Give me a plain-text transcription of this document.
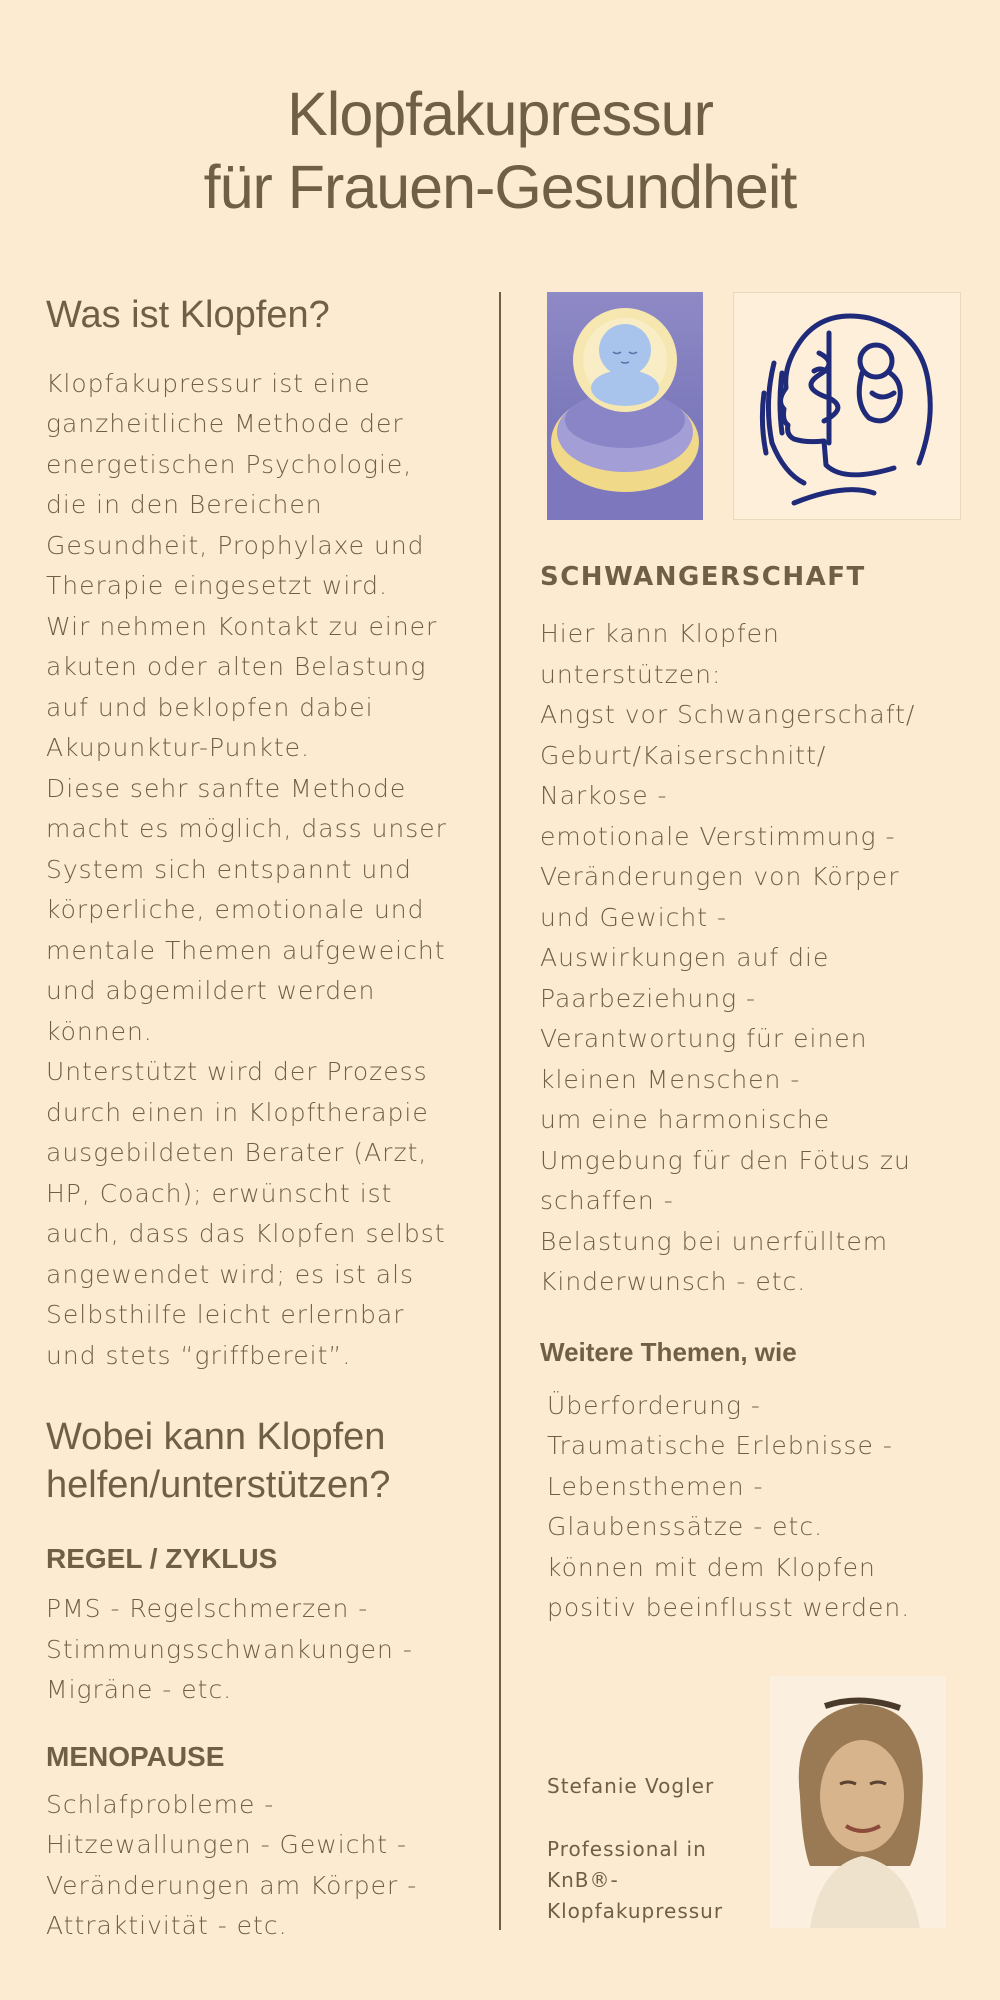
Klopfakupressur
für Frauen-Gesundheit
Was ist Klopfen?

Klopfakupressur ist eine
ganzheitliche Methode der
energetischen Psychologie,
die in den Bereichen
Gesundheit, Prophylaxe und
Therapie eingesetzt wird.
Wir nehmen Kontakt zu einer
akuten oder alten Belastung
auf und beklopfen dabei
Akupunktur-Punkte.
Diese sehr sanfte Methode
macht es möglich, dass unser
System sich entspannt und
körperliche, emotionale und
mentale Themen aufgeweicht
und abgemildert werden
können.
Unterstützt wird der Prozess
durch einen in Klopftherapie
ausgebildeten Berater (Arzt,
HP, Coach); erwünscht ist
auch, dass das Klopfen selbst
angewendet wird; es ist als
Selbsthilfe leicht erlernbar
und stets “griffbereit”.

Wobei kann Klopfen
helfen/unterstützen?
REGEL / ZYKLUS

PMS - Regelschmerzen -
Stimmungsschwankungen -
Migräne - etc.

MENOPAUSE

Schlafprobleme -
Hitzewallungen - Gewicht -
Veränderungen am Körper -
Attraktivität - etc.

SCHWANGERSCHAFT

Hier kann Klopfen
unterstützen:
Angst vor Schwangerschaft/
Geburt/Kaiserschnitt/
Narkose -
emotionale Verstimmung -
Veränderungen von Körper
und Gewicht -
Auswirkungen auf die
Paarbeziehung -
Verantwortung für einen
kleinen Menschen -
um eine harmonische
Umgebung für den Fötus zu
schaffen -
Belastung bei unerfülltem
Kinderwunsch - etc.

Weitere Themen, wie

Überforderung -
Traumatische Erlebnisse -
Lebensthemen -
Glaubenssätze - etc.
können mit dem Klopfen
positiv beeinflusst werden.

Stefanie Vogler
Professional in
KnB®-
Klopfakupressur
